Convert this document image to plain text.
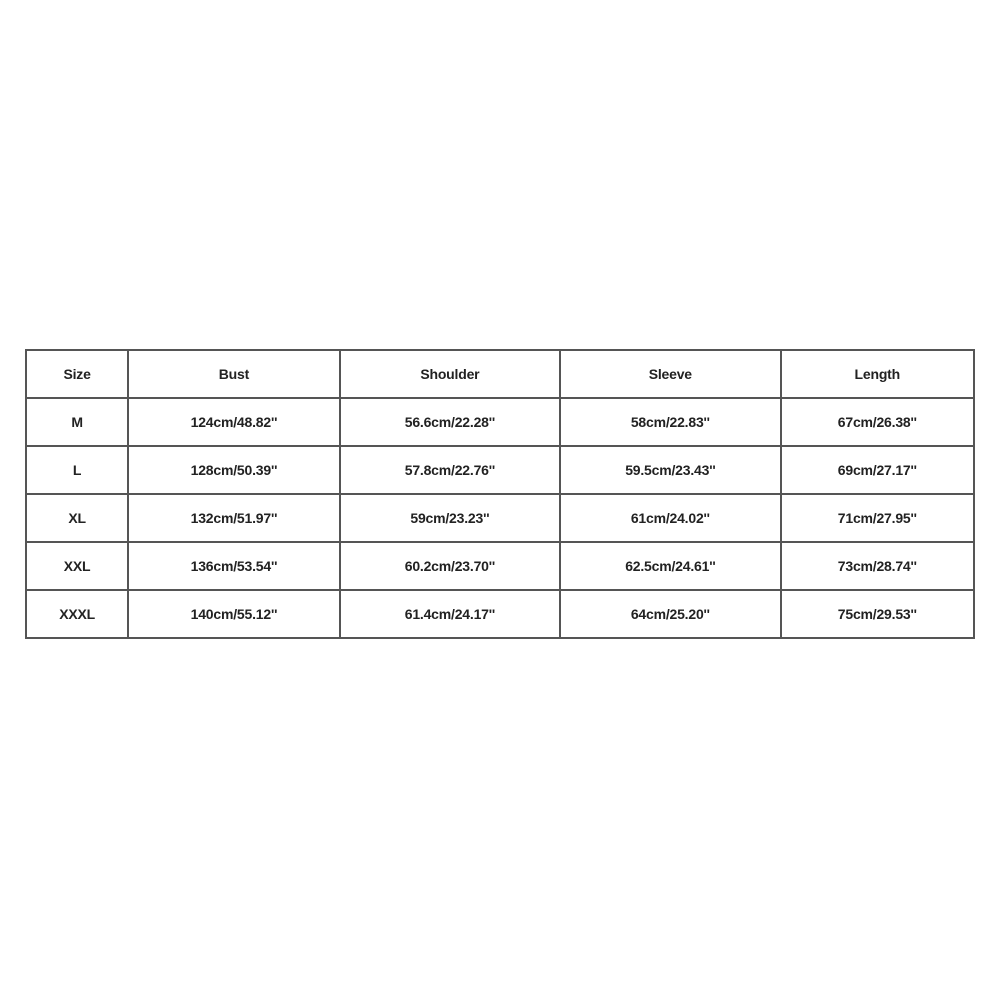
Size	Bust	Shoulder	Sleeve	Length
M	124cm/48.82''	56.6cm/22.28''	58cm/22.83''	67cm/26.38''
L	128cm/50.39''	57.8cm/22.76''	59.5cm/23.43''	69cm/27.17''
XL	132cm/51.97''	59cm/23.23''	61cm/24.02''	71cm/27.95''
XXL	136cm/53.54''	60.2cm/23.70''	62.5cm/24.61''	73cm/28.74''
XXXL	140cm/55.12''	61.4cm/24.17''	64cm/25.20''	75cm/29.53''
